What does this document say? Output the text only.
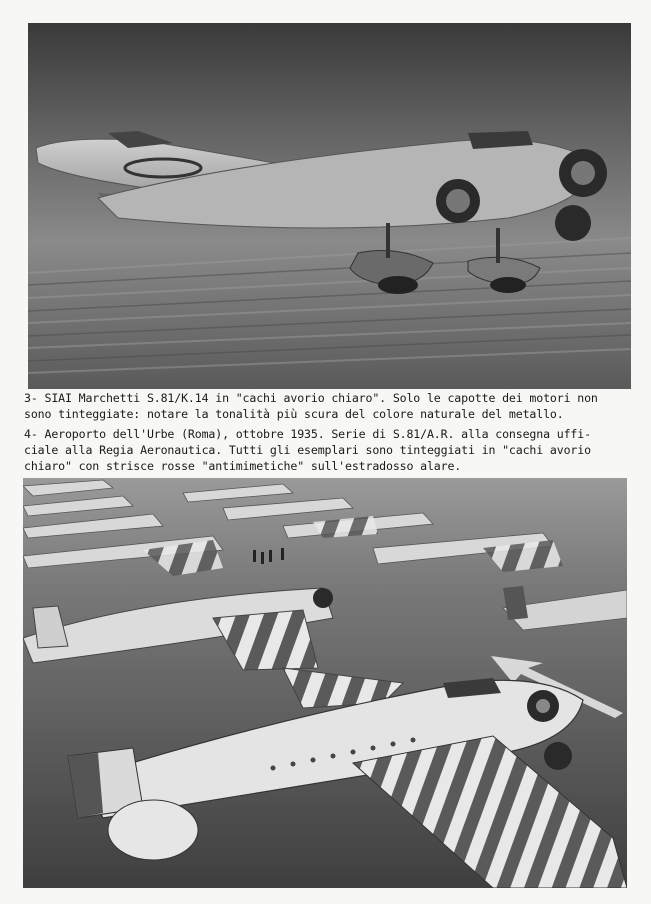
3- SIAI Marchetti S.81/K.14 in "cachi avorio chiaro". Solo le capotte dei motori non
sono tinteggiate: notare la tonalità più scura del colore naturale del metallo.
4- Aeroporto dell'Urbe (Roma), ottobre 1935. Serie di S.81/A.R. alla consegna uffi-
ciale alla Regia Aeronautica. Tutti gli esemplari sono tinteggiati in "cachi avorio
chiaro" con strisce rosse "antimimetiche" sull'estradosso alare.
